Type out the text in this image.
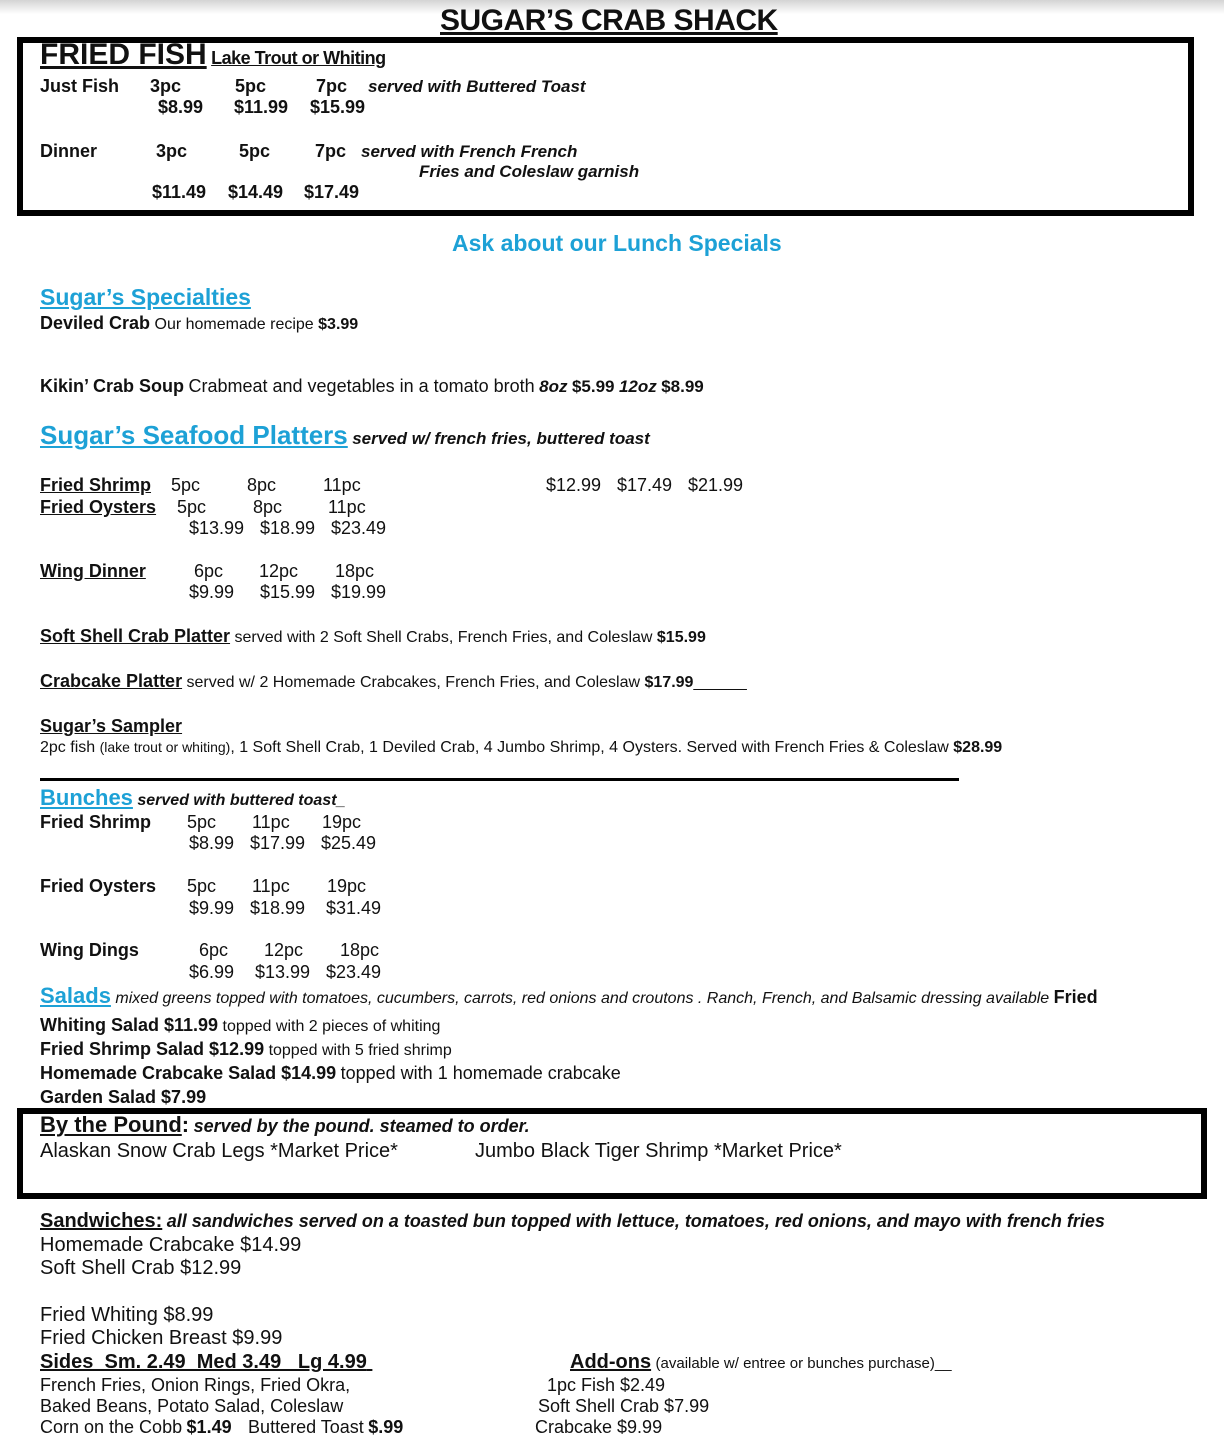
SUGAR’S CRAB SHACK
FRIED FISH Lake Trout or Whiting
Just Fish 3pc	5pc	7pc served with Buttered Toast
$8.99 $11.99 $15.99
Dinner	3pc	5pc 7pc served with French French
Fries and Coleslaw garnish
$11.49 $14.49 $17.49
Ask about our Lunch Specials
Sugar’s Specialties
Deviled Crab Our homemade recipe $3.99
Kikin’ Crab Soup Crabmeat and vegetables in a tomato broth 8oz $5.99 12oz $8.99
Sugar’s Seafood Platters served w/ french fries, buttered toast
Fried Shrimp 5pc	8pc	11pc	$12.99 $17.49 $21.99
Fried Oysters 5pc	8pc	11pc
$13.99 $18.99 $23.49
Wing Dinner	6pc 12pc 18pc
$9.99 $15.99 $19.99
Soft Shell Crab Platter served with 2 Soft Shell Crabs, French Fries, and Coleslaw $15.99
Crabcake Platter served w/ 2 Homemade Crabcakes, French Fries, and Coleslaw $17.99______
Sugar’s Sampler
2pc fish (lake trout or whiting), 1 Soft Shell Crab, 1 Deviled Crab, 4 Jumbo Shrimp, 4 Oysters. Served with French Fries & Coleslaw $28.99
Bunches served with buttered toast_
Fried Shrimp 5pc 11pc 19pc
$8.99 $17.99 $25.49
Fried Oysters 5pc 11pc 19pc
$9.99 $18.99 $31.49
Wing Dings	6pc 12pc 18pc
$6.99 $13.99 $23.49
Salads mixed greens topped with tomatoes, cucumbers, carrots, red onions and croutons . Ranch, French, and Balsamic dressing available Fried
Whiting Salad $11.99 topped with 2 pieces of whiting
Fried Shrimp Salad $12.99 topped with 5 fried shrimp
Homemade Crabcake Salad $14.99 topped with 1 homemade crabcake
Garden Salad $7.99
By the Pound: served by the pound. steamed to order.
Alaskan Snow Crab Legs *Market Price*	Jumbo Black Tiger Shrimp *Market Price*
Sandwiches: all sandwiches served on a toasted bun topped with lettuce, tomatoes, red onions, and mayo with french fries
Homemade Crabcake $14.99
Soft Shell Crab $12.99
Fried Whiting $8.99
Fried Chicken Breast $9.99
Sides  Sm. 2.49  Med 3.49   Lg 4.99
French Fries, Onion Rings, Fried Okra,
Baked Beans, Potato Salad, Coleslaw
Corn on the Cobb $1.49 Buttered Toast $.99
Add-ons (available w/ entree or bunches purchase)__
1pc Fish $2.49
Soft Shell Crab $7.99
Crabcake $9.99
